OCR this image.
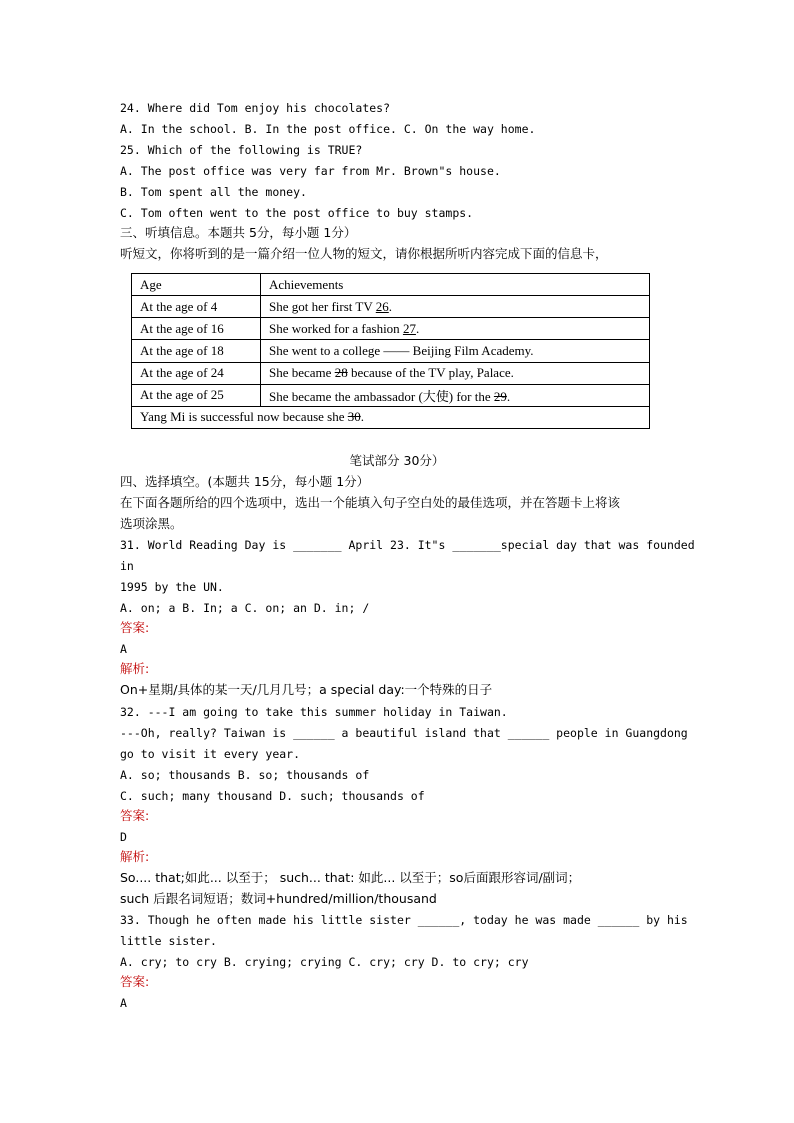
24. Where did Tom enjoy his chocolates?
A. In the school. B. In the post office. C. On the way home.
25. Which of the following is TRUE?
A. The post office was very far from Mr. Brown"s house.
B. Tom spent all the money.
C. Tom often went to the post office to buy stamps.
三、听填信息。本题共 5分，每小题 1分）
听短文，你将听到的是一篇介绍一位人物的短文，请你根据所听内容完成下面的信息卡，
Age	Achievements
At the age of 4	She got her first TV 26.
At the age of 16	She worked for a fashion 27.
At the age of 18	She went to a college —— Beijing Film Academy.
At the age of 24	She became 28 because of the TV play, Palace.
At the age of 25	She became the ambassador (大使) for the 29.
Yang Mi is successful now because she 30.	
笔试部分 30分）
四、选择填空。(本题共 15分，每小题 1分）
在下面各题所给的四个选项中，选出一个能填入句子空白处的最佳选项，并在答题卡上将该
选项涂黑。
31. World Reading Day is _______ April 23. It"s _______special day that was founded
in
1995 by the UN.
A. on; a B. In; a C. on; an D. in; /
答案:
A
解析:
On+星期/具体的某一天/几月几号；a special day:一个特殊的日子
32. ---I am going to take this summer holiday in Taiwan.
---Oh, really? Taiwan is ______ a beautiful island that ______ people in Guangdong
go to visit it every year.
A. so; thousands B. so; thousands of
C. such; many thousand D. such; thousands of
答案:
D
解析:
So.... that;如此... 以至于； such... that: 如此... 以至于；so后面跟形容词/副词；
such 后跟名词短语；数词+hundred/million/thousand
33. Though he often made his little sister ______, today he was made ______ by his
little sister.
A. cry; to cry B. crying; crying C. cry; cry D. to cry; cry
答案:
A
